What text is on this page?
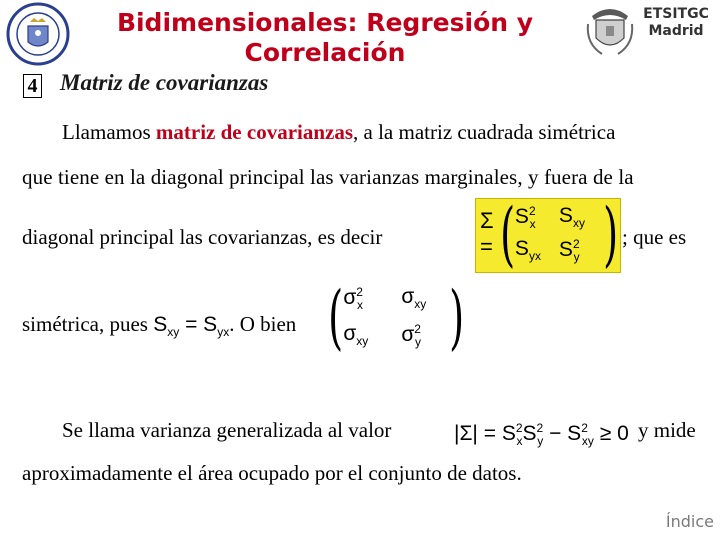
Bidimensionales: Regresión y Correlación
ETSITGC
Madrid
4 Matriz de covarianzas
Llamamos matriz de covarianzas, a la matriz cuadrada simétrica
que tiene en la diagonal principal las varianzas marginales, y fuera de la
diagonal principal las covarianzas, es decir
Σ = ( $S^2_x$	$S_{xy}$
$S_{yx}$ $S^2_y$ ) ; que es
simétrica, pues $S_{xy} = S_{yx}$. O bien ( $\sigma^2_x$	$\sigma_{xy}$
$\sigma_{xy}$	$\sigma^2_y$ )
Se llama varianza generalizada al valor	$|\Sigma| = S^2_xS^2_y - S^2_{xy} \ge 0$ y mide
aproximadamente el área ocupado por el conjunto de datos.
Índice
